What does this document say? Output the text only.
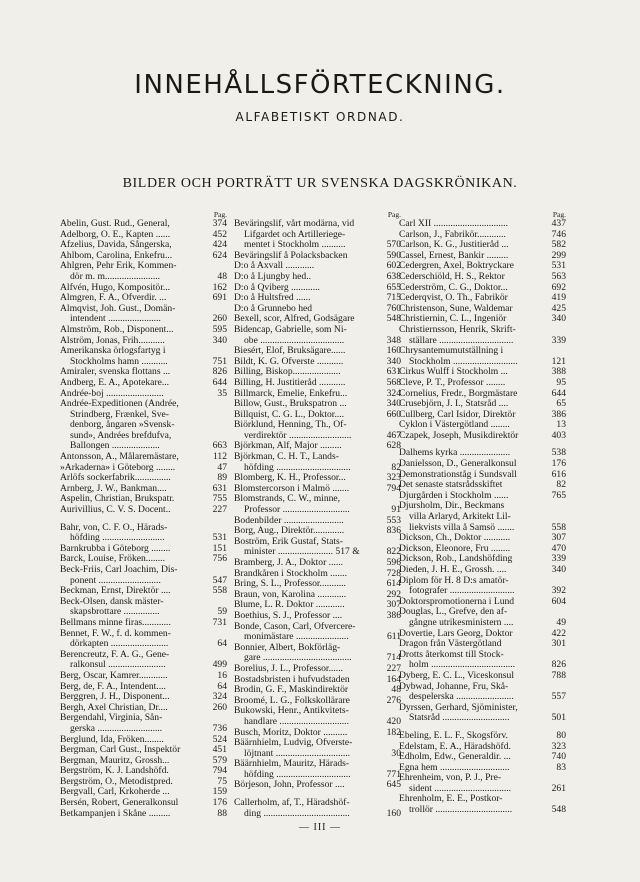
INNEHÅLLSFÖRTECKNING.
ALFABETISKT ORDNAD.
BILDER OCH PORTRÄTT UR SVENSKA DAGSKRÖNIKAN.
Pag.
Abelin, Gust. Rud., General,	374
Adelborg, O. E., Kapten ......	452
Afzelius, Davida, Sångerska,	424
Ahlbom, Carolina, Enkefru...	624
Ahlgren, Pehr Erik, Kommen-
dör m. m.......................	48
Alfvén, Hugo, Kompositör...	162
Almgren, F. A., Öfverdir. ...	691
Almqvist, Joh. Gust., Domän-
intendent ......................	260
Almström, Rob., Disponent...	595
Alström, Jonas, Frih...........	340
Amerikanska örlogsfartyg i
Stockholms hamn ...........	751
Amiraler, svenska flottans ...	826
Andberg, E. A., Apotekare...	644
Andrée-boj ........................	35
Andrée-Expeditionen (Andrée,
Strindberg, Frænkel, Sve-
denborg, ångaren »Svensk-
sund», Andrées brefdufva,
Ballongen ....................	663
Antonsson, A., Målaremästare,	112
»Arkaderna» i Göteborg ........	47
Arlöfs sockerfabrik...............	89
Arnberg, J. W., Bankman....	631
Aspelin, Christian, Brukspatr.	755
Aurivillius, C. V. S. Docent..	227
Bahr, von, C. F. O., Härads-
höfding ..........................	531
Barnkrubba i Göteborg ........	151
Barck, Louise, Fröken........	756
Beck-Friis, Carl Joachim, Dis-
ponent ..........................	547
Beckman, Ernst, Direktör ....	558
Beck-Olsen, dansk mäster-
skapsbrottare ...............	59
Bellmans minne firas............	731
Bennet, F. W., f. d. kommen-
dörkapten ........................	64
Berencreutz, F. A. G., Gene-
ralkonsul ........................	499
Berg, Oscar, Kamrer............	16
Berg, de, F. A., Intendent....	64
Berggren, J. H., Disponent...	324
Bergh, Axel Christian, Dr....	260
Bergendahl, Virginia, Sån-
gerska ...........................	736
Berglund, Ida, Fröken........	524
Bergman, Carl Gust., Inspektör	451
Bergman, Mauritz, Grossh...	579
Bergström, K. J. Landshöfd.	794
Bergström, O., Metodistpred.	75
Bergvall, Carl, Krkoherde ...	159
Bersén, Robert, Generalkonsul	176
Betkampanjen i Skåne .........	88
Pag.
Beväringslif, vårt modärna, vid
Lifgardet och Artilleriege-
mentet i Stockholm ..........	570
Beväringslif å Polacksbacken	590
D:o å Axvall ............	602
D:o å Ljungby hed..	638
D:o å Qviberg ............	655
D:o å Hultsfred ......	715
D:o å Grunnebo hed	760
Bexell, scor, Alfred, Godsägare	548
Bidencap, Gabrielle, som Ni-
obe ...................................	348
Biesért, Elof, Bruksägare......	160
Bildt, K. G. Öfverste ...........	340
Billing, Biskop....................	631
Billing, H. Justitieråd ...........	568
Billmarck, Emelie, Enkefru...	324
Billow, Gust., Brukspatron ...	340
Billquist, C. G. L., Doktor....	660
Biörklund, Henning, Th., Öf-
verdirektör ..........................	467
Björkman, Alf, Major .........	628
Björkman, C. H. T., Lands-
höfding ...............................	82
Blomberg, K. H., Professor...	323
Blomstercorson i Malmö .......	794
Blomstrands, C. W., minne,
Professor ............................	91
Bodenbilder .........................	553
Borg, Aug., Direktör.............	836
Boström, Erik Gustaf, Stats-
minister ....................... 517 &	822
Bramberg, J. A., Doktor ......	596
Brandkåren i Stockholm .......	728
Bring, S. L., Professor...........	614
Braun, von, Karolina ............	292
Blume, L. R. Doktor ............	307
Boethius, S. J., Professor ....	386
Bonde, Cason, Carl, Öfvercere-
monimästare ......................	611
Bonnier, Albert, Bokförläg-
gare .....................................	714
Borelius, J. L., Professor......	227
Bostadsbristen i hufvudstaden	164
Brodin, G. F., Maskindirektör	48
Broomé, L. G., Folkskollärare	276
Bukowski, Henr., Antikvitets-
handlare .............................	420
Busch, Moritz, Doktor ..........	182
Bäärnhielm, Ludvig, Öfverste-
löjtnant ...............................	30
Bäärnhielm, Mauritz, Härads-
höfding ...............................	771
Börjeson, John, Professor ....	645
Callerholm, af, T., Häradshöf-
ding ....................................	160
Pag.
Carl XII ...............................	437
Carlson, J., Fabrikör............	746
Carlson, K. G., Justitieråd ...	582
Cassel, Ernest, Bankir .........	299
Cedergren, Axel, Boktryckare	531
Cederschiöld, H. S., Rektor	563
Cederström, C. G., Doktor...	692
Cederqvist, O. Th., Fabrikör	419
Christenson, Sune, Waldemar	425
Christiernin, C. L., Ingeniör	340
Christiernsson, Henrik, Skrift-
ställare ...............................	339
Chrysantemumutställning i
Stockholm ...........................	121
Cirkus Wulff i Stockholm ...	388
Cleve, P. T., Professor ........	95
Cornelius, Fredr., Borgmästare	644
Crusebjörn, J. I., Statsråd ....	65
Cullberg, Carl Isidor, Direktör	386
Cyklon i Västergötland ........	13
Czapek, Joseph, Musikdirektör	403
Dalhems kyrka .....................	538
Danielsson, D., Generalkonsul	176
Demonstrationståg i Sundsvall	616
Det senaste statsrådsskiftet	82
Djurgården i Stockholm ......	765
Djursholm, Dir., Beckmans
villa Arlaryd, Arkitekt Lil-
liekvists villa å Samsö .......	558
Dickson, Ch., Doktor ...........	307
Dickson, Eleonore, Fru ........	470
Dickson, Rob., Landshöfding	339
Dieden, J. H. E., Grossh. ....	340
Diplom för H. 8 D:s amatör-
fotografer ...........................	392
Doktorspromotionerna i Lund	604
Douglas, L., Grefve, den af-
gångne utrikesministern ....	49
Dovertie, Lars Georg, Doktor	422
Dragon från Västergötland	301
Drotts återkomst till Stock-
holm ...................................	826
Dyberg, E. C. L., Viceskonsul	788
Dybwad, Johanne, Fru, Skå-
despelerska ........................	557
Dyrssen, Gerhard, Sjöminister,
Statsråd ............................	501
Ebeling, E. L. F., Skogsförv.	80
Edelstam, E. A., Häradshöfd.	323
Edholm, Edw., Generaldir. ...	740
Egna hem .............................	83
Ehrenheim, von, P. J., Pre-
sident ................................	261
Ehrenholm, E. E., Postkor-
trollör ................................	548
— III —
